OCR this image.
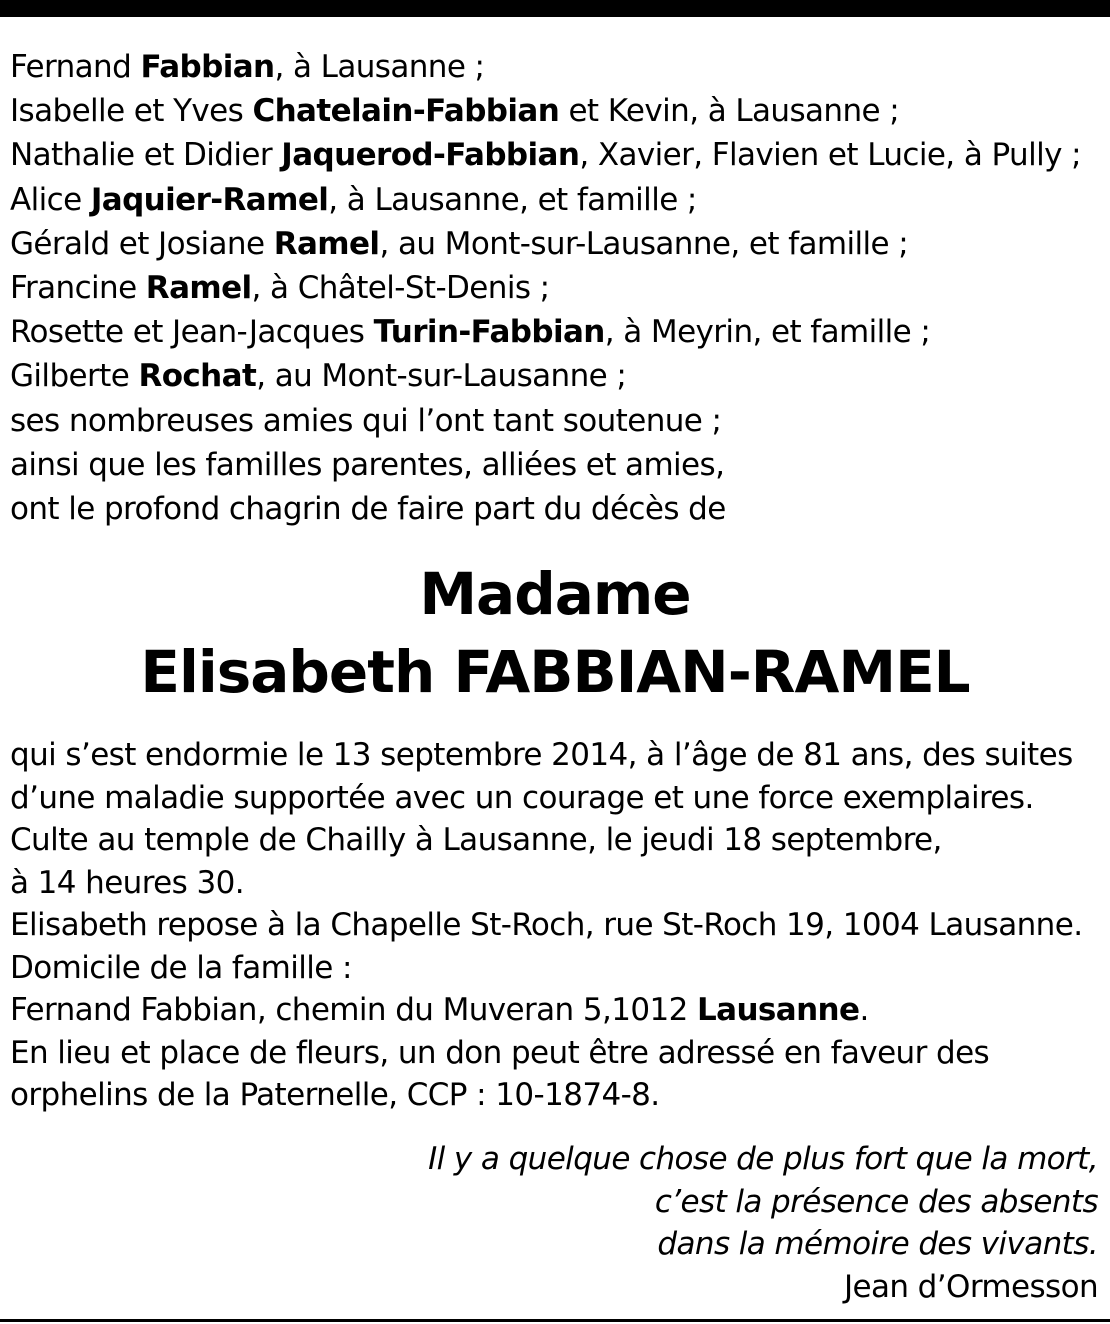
Fernand Fabbian, à Lausanne ;
Isabelle et Yves Chatelain-Fabbian et Kevin, à Lausanne ;
Nathalie et Didier Jaquerod-Fabbian, Xavier, Flavien et Lucie, à Pully ;
Alice Jaquier-Ramel, à Lausanne, et famille ;
Gérald et Josiane Ramel, au Mont-sur-Lausanne, et famille ;
Francine Ramel, à Châtel-St-Denis ;
Rosette et Jean-Jacques Turin-Fabbian, à Meyrin, et famille ;
Gilberte Rochat, au Mont-sur-Lausanne ;
ses nombreuses amies qui l’ont tant soutenue ;
ainsi que les familles parentes, alliées et amies,
ont le profond chagrin de faire part du décès de
Madame
Elisabeth FABBIAN-RAMEL
qui s’est endormie le 13 septembre 2014, à l’âge de 81 ans, des suites
d’une maladie supportée avec un courage et une force exemplaires.
Culte au temple de Chailly à Lausanne, le jeudi 18 septembre,
à 14 heures 30.
Elisabeth repose à la Chapelle St-Roch, rue St-Roch 19, 1004 Lausanne.
Domicile de la famille :
Fernand Fabbian, chemin du Muveran 5,1012 Lausanne.
En lieu et place de fleurs, un don peut être adressé en faveur des
orphelins de la Paternelle, CCP : 10-1874-8.
Il y a quelque chose de plus fort que la mort,
c’est la présence des absents
dans la mémoire des vivants.
Jean d’Ormesson
